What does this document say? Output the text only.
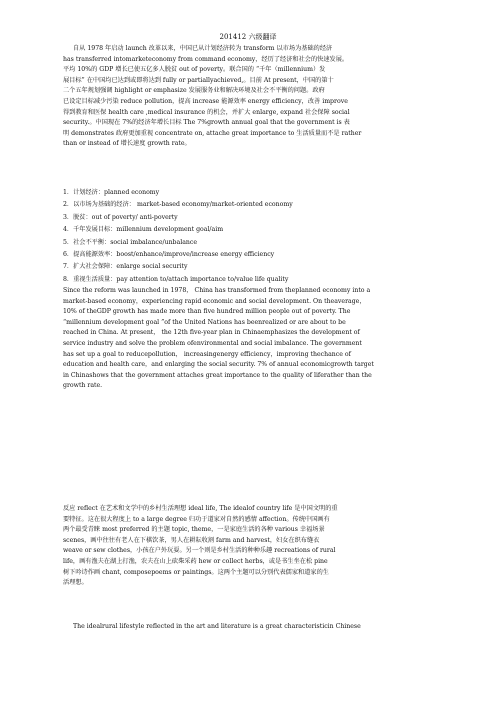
201412 六级翻译
自从 1978 年启动 launch 改革以来，中国已从计划经济转为 transform 以市场为基础的经济
has transferred intomarketeconomy from command economy，经历了经济和社会的快速发展。
平均 10%的 GDP 增长已使五亿多人脱贫 out of poverty。联合国的 “千年（millennium）发
展目标” 在中国均已达到或即将达到 fully or partiallyachieved,。目前 At present，中国的第十
二个五年规划强调 highlight or emphasize 发展服务业和解决环境及社会不平衡的问题。政府
已设定目标减少污染 reduce pollution，提高 increase 能源效率 energy efficiency，改善 improve
得到教育和医保 health care ,medical insurance 的机会，并扩大 enlarge, expand 社会保障 social
security.。中国现在 7%的经济年增长目标 The 7%growth annual goal that the government is 表
明 demonstrates 政府更加重视 concentrate on, attache great importance to 生活质量而不是 rather
than or instead of 增长速度 growth rate。
1．计划经济：planned economy
2．以市场为基础的经济： market-based economy/market-oriented economy
3．脱贫：out of poverty/ anti-poverty
4．千年发展目标：millennium development goal/aim
5．社会不平衡：social imbalance/unbalance
6．提高能源效率：boost/enhance/improve/increase energy efficiency
7．扩大社会保障：enlarge social security
8．重视生活质量：pay attention to/attach importance to/value life quality
Since the reform was launched in 1978， China has transformed from theplanned economy into a
market-based economy，experiencing rapid economic and social development. On theaverage，
10% of theGDP growth has made more than five hundred million people out of poverty. The
“millennium development goal ”of the United Nations has beenrealized or are about to be
reached in China. At present， the 12th five-year plan in Chinaemphasizes the development of
service industry and solve the problem ofenvironmental and social imbalance. The government
has set up a goal to reducepollution， increasingenergy efficiency，improving thechance of
education and health care，and enlarging the social security. 7% of annual economicgrowth target
in Chinashows that the government attaches great importance to the quality of liferather than the
growth rate.
反应 reflect 在艺术和文学中的乡村生活理想 ideal life, The idealof country life 是中国文明的重
要特征。这在很大程度上 to a large degree 归功于道家对自然的感情 affection。传统中国画有
两个最受青睐 most preferred 的主题 topic, theme，一是家庭生活的各种 various 幸福场景
scenes，画中往往有老人在下棋饮茶，男人在耕耘收割 farm and harvest，妇女在织布缝衣
weave or sew clothes，小孩在户外玩耍。另一个则是乡村生活的种种乐趣 recreations of rural
life，画有渔夫在湖上打渔，农夫在山上砍柴采药 hew or collect herbs，或是书生坐在松 pine
树下吟诗作画 chant, composepoems or paintings。这两个主题可以分别代表儒家和道家的生
活理想。
The idealrural lifestyle reflected in the art and literature is a great characteristicin Chinese
